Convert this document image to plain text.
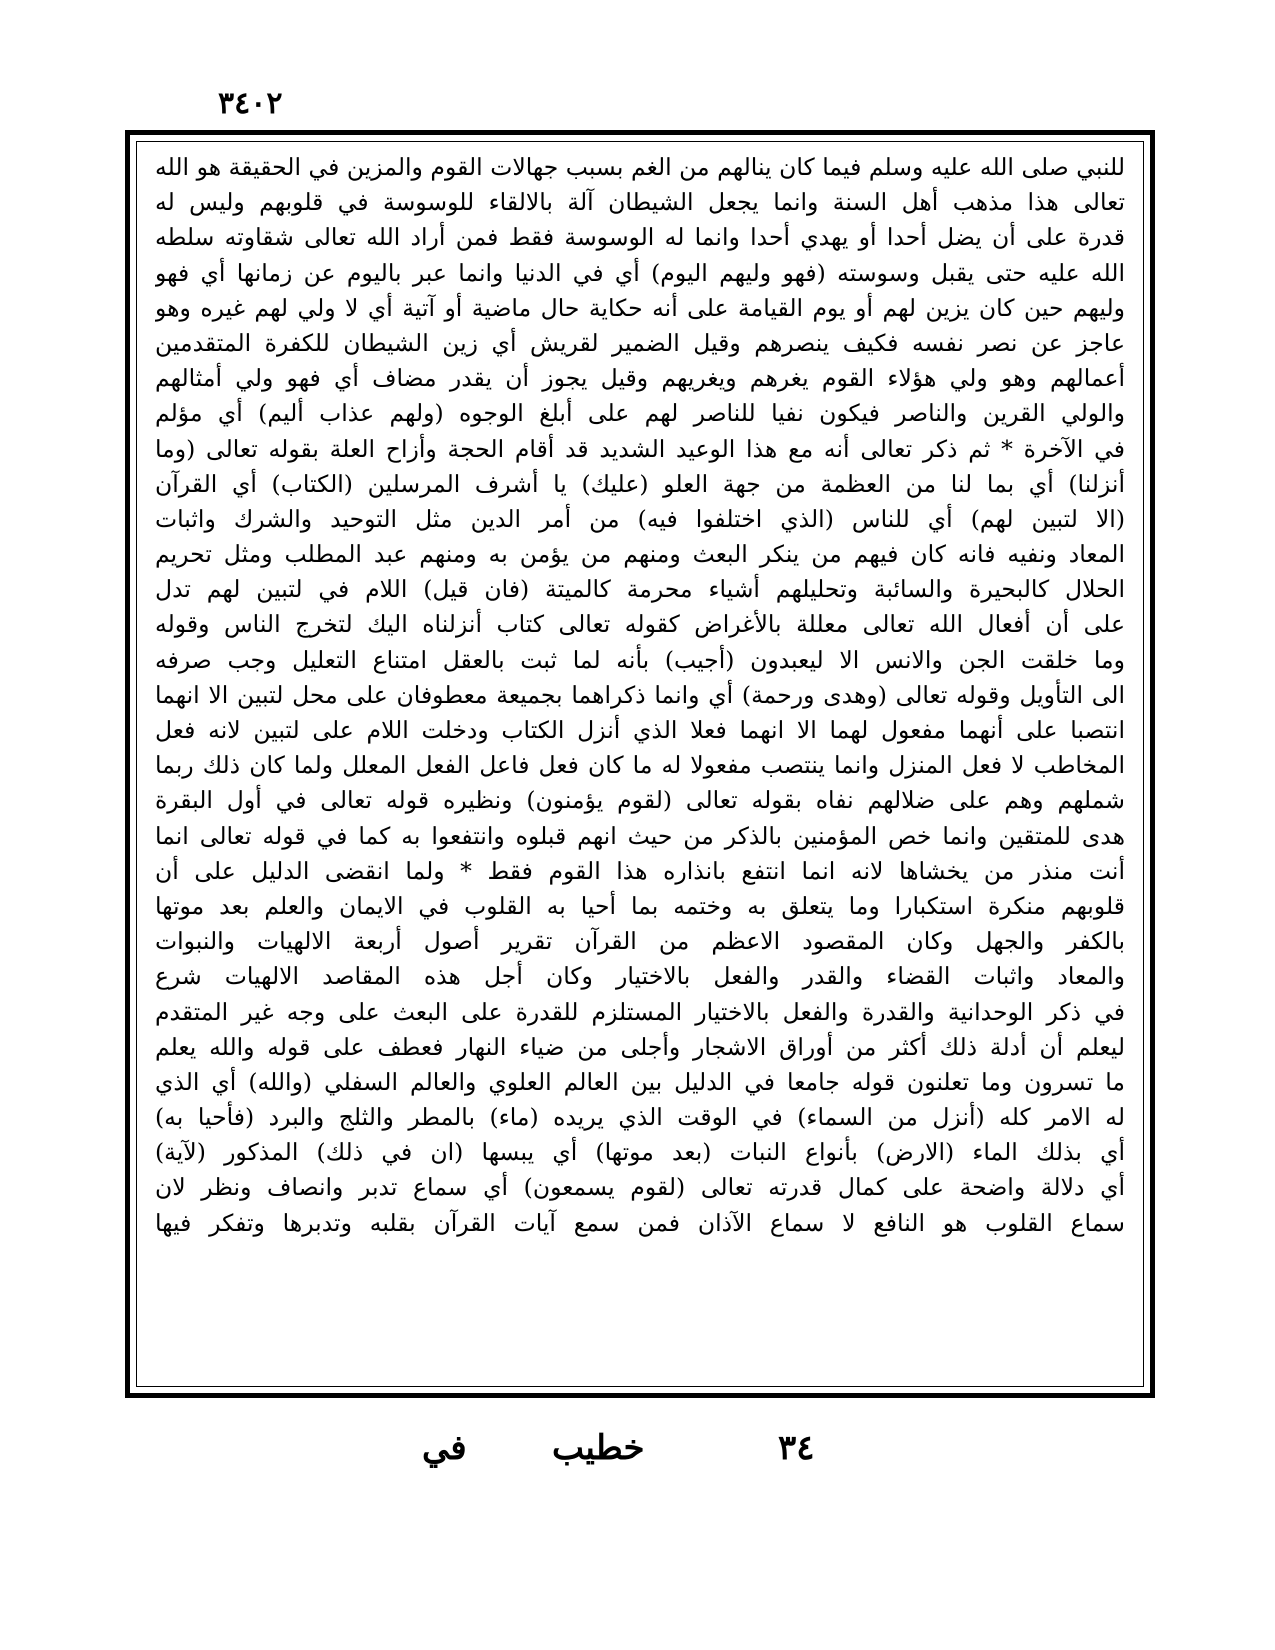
٣٤٠٢
للنبي صلى الله عليه وسلم فيما كان ينالهم من الغم بسبب جهالات القوم والمزين في الحقيقة هو الله
تعالى هذا مذهب أهل السنة وانما يجعل الشيطان آلة بالالقاء للوسوسة في قلوبهم وليس له
قدرة على أن يضل أحدا أو يهدي أحدا وانما له الوسوسة فقط فمن أراد الله تعالى شقاوته سلطه
الله عليه حتى يقبل وسوسته (فهو وليهم اليوم) أي في الدنيا وانما عبر باليوم عن زمانها أي فهو
وليهم حين كان يزين لهم أو يوم القيامة على أنه حكاية حال ماضية أو آتية أي لا ولي لهم غيره وهو
عاجز عن نصر نفسه فكيف ينصرهم وقيل الضمير لقريش أي زين الشيطان للكفرة المتقدمين
أعمالهم وهو ولي هؤلاء القوم يغرهم ويغريهم وقيل يجوز أن يقدر مضاف أي فهو ولي أمثالهم
والولي القرين والناصر فيكون نفيا للناصر لهم على أبلغ الوجوه (ولهم عذاب أليم) أي مؤلم
في الآخرة * ثم ذكر تعالى أنه مع هذا الوعيد الشديد قد أقام الحجة وأزاح العلة بقوله تعالى (وما
أنزلنا) أي بما لنا من العظمة من جهة العلو (عليك) يا أشرف المرسلين (الكتاب) أي القرآن
(الا لتبين لهم) أي للناس (الذي اختلفوا فيه) من أمر الدين مثل التوحيد والشرك واثبات
المعاد ونفيه فانه كان فيهم من ينكر البعث ومنهم من يؤمن به ومنهم عبد المطلب ومثل تحريم
الحلال كالبحيرة والسائبة وتحليلهم أشياء محرمة كالميتة (فان قيل) اللام في لتبين لهم تدل
على أن أفعال الله تعالى معللة بالأغراض كقوله تعالى كتاب أنزلناه اليك لتخرج الناس وقوله
وما خلقت الجن والانس الا ليعبدون (أجيب) بأنه لما ثبت بالعقل امتناع التعليل وجب صرفه
الى التأويل وقوله تعالى (وهدى ورحمة) أي وانما ذكراهما بجميعة معطوفان على محل لتبين الا انهما
انتصبا على أنهما مفعول لهما الا انهما فعلا الذي أنزل الكتاب ودخلت اللام على لتبين لانه فعل
المخاطب لا فعل المنزل وانما ينتصب مفعولا له ما كان فعل فاعل الفعل المعلل ولما كان ذلك ربما
شملهم وهم على ضلالهم نفاه بقوله تعالى (لقوم يؤمنون) ونظيره قوله تعالى في أول البقرة
هدى للمتقين وانما خص المؤمنين بالذكر من حيث انهم قبلوه وانتفعوا به كما في قوله تعالى انما
أنت منذر من يخشاها لانه انما انتفع بانذاره هذا القوم فقط * ولما انقضى الدليل على أن
قلوبهم منكرة استكبارا وما يتعلق به وختمه بما أحيا به القلوب في الايمان والعلم بعد موتها
بالكفر والجهل وكان المقصود الاعظم من القرآن تقرير أصول أربعة الالهيات والنبوات
والمعاد واثبات القضاء والقدر والفعل بالاختيار وكان أجل هذه المقاصد الالهيات شرع
في ذكر الوحدانية والقدرة والفعل بالاختيار المستلزم للقدرة على البعث على وجه غير المتقدم
ليعلم أن أدلة ذلك أكثر من أوراق الاشجار وأجلى من ضياء النهار فعطف على قوله والله يعلم
ما تسرون وما تعلنون قوله جامعا في الدليل بين العالم العلوي والعالم السفلي (والله) أي الذي
له الامر كله (أنزل من السماء) في الوقت الذي يريده (ماء) بالمطر والثلج والبرد (فأحيا به)
أي بذلك الماء (الارض) بأنواع النبات (بعد موتها) أي يبسها (ان في ذلك) المذكور (لآية)
أي دلالة واضحة على كمال قدرته تعالى (لقوم يسمعون) أي سماع تدبر وانصاف ونظر لان
سماع القلوب هو النافع لا سماع الآذان فمن سمع آيات القرآن بقلبه وتدبرها وتفكر فيها
٣٤
خطيب
في
